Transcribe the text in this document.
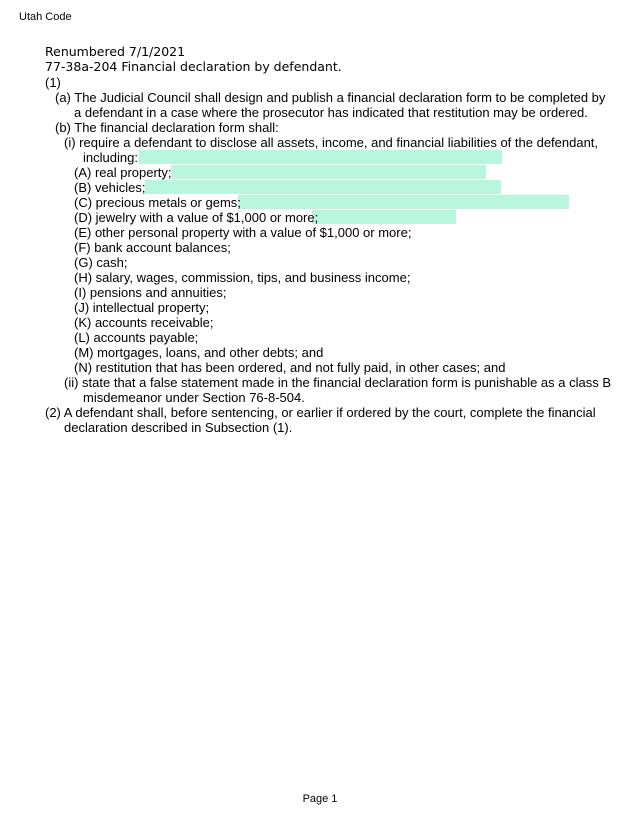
Utah Code
Renumbered 7/1/2021
77-38a-204 Financial declaration by defendant.
(1)
(a) The Judicial Council shall design and publish a financial declaration form to be completed by
a defendant in a case where the prosecutor has indicated that restitution may be ordered.
(b) The financial declaration form shall:
(i) require a defendant to disclose all assets, income, and financial liabilities of the defendant,
including:
(A) real property;
(B) vehicles;
(C) precious metals or gems;
(D) jewelry with a value of $1,000 or more;
(E) other personal property with a value of $1,000 or more;
(F) bank account balances;
(G) cash;
(H) salary, wages, commission, tips, and business income;
(I) pensions and annuities;
(J) intellectual property;
(K) accounts receivable;
(L) accounts payable;
(M) mortgages, loans, and other debts; and
(N) restitution that has been ordered, and not fully paid, in other cases; and
(ii) state that a false statement made in the financial declaration form is punishable as a class B
misdemeanor under Section 76-8-504.
(2) A defendant shall, before sentencing, or earlier if ordered by the court, complete the financial
declaration described in Subsection (1).
Page 1
